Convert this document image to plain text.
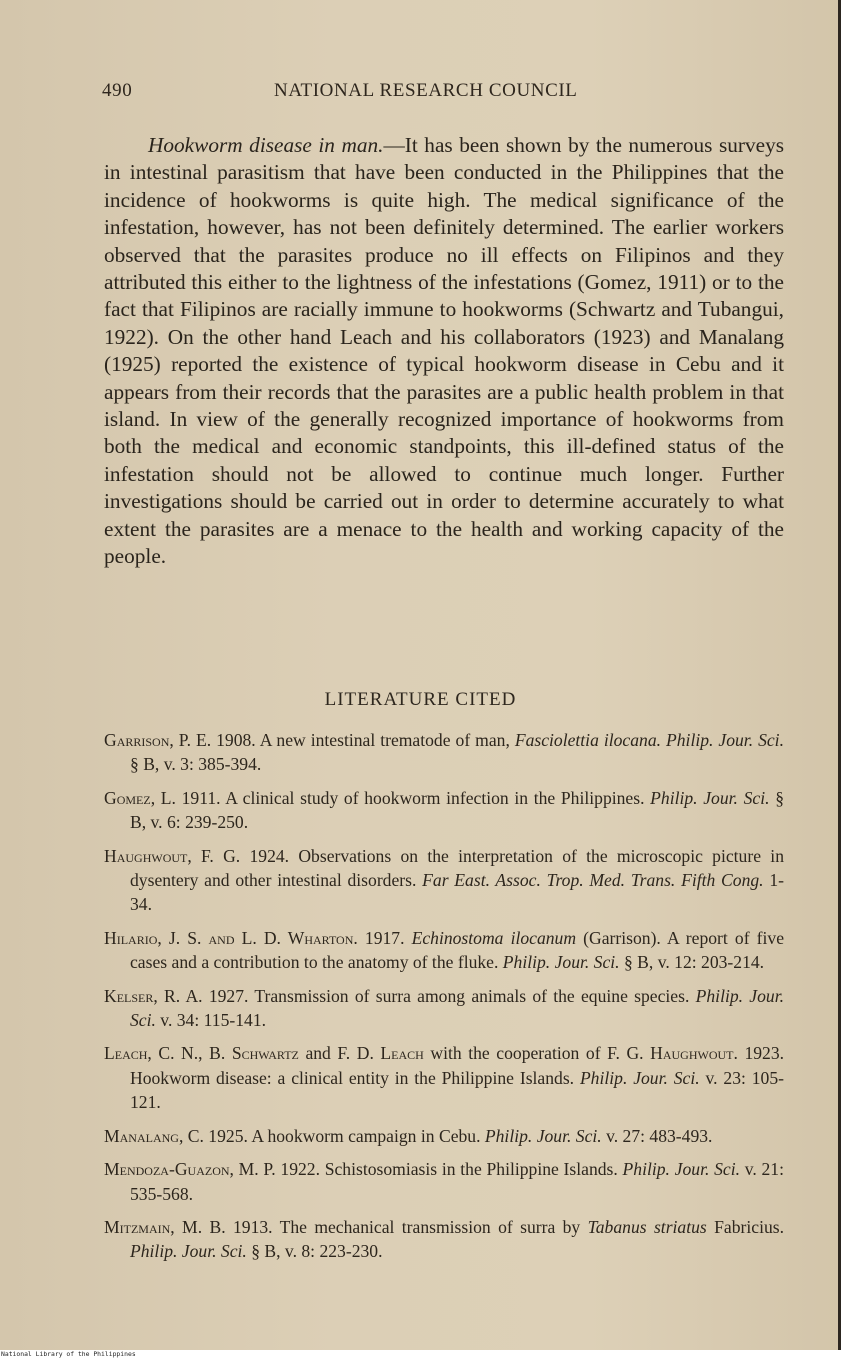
490	NATIONAL RESEARCH COUNCIL

Hookworm disease in man.—It has been shown by the numerous surveys in intestinal parasitism that have been conducted in the Philippines that the incidence of hookworms is quite high. The medical significance of the infestation, however, has not been definitely determined. The earlier workers observed that the parasites produce no ill effects on Filipinos and they attributed this either to the lightness of the infestations (Gomez, 1911) or to the fact that Filipinos are racially immune to hookworms (Schwartz and Tubangui, 1922). On the other hand Leach and his collaborators (1923) and Manalang (1925) reported the existence of typical hookworm disease in Cebu and it appears from their records that the parasites are a public health problem in that island. In view of the generally recognized importance of hookworms from both the medical and economic standpoints, this ill-defined status of the infestation should not be allowed to continue much longer. Further investigations should be carried out in order to determine accurately to what extent the parasites are a menace to the health and working capacity of the people.

LITERATURE CITED

Garrison, P. E. 1908. A new intestinal trematode of man, Fasciolettia ilocana. Philip. Jour. Sci. § B, v. 3: 385-394.

Gomez, L. 1911. A clinical study of hookworm infection in the Philippines. Philip. Jour. Sci. § B, v. 6: 239-250.

Haughwout, F. G. 1924. Observations on the interpretation of the microscopic picture in dysentery and other intestinal disorders. Far East. Assoc. Trop. Med. Trans. Fifth Cong. 1-34.

Hilario, J. S. and L. D. Wharton. 1917. Echinostoma ilocanum (Garrison). A report of five cases and a contribution to the anatomy of the fluke. Philip. Jour. Sci. § B, v. 12: 203-214.

Kelser, R. A. 1927. Transmission of surra among animals of the equine species. Philip. Jour. Sci. v. 34: 115-141.

Leach, C. N., B. Schwartz and F. D. Leach with the cooperation of F. G. Haughwout. 1923. Hookworm disease: a clinical entity in the Philippine Islands. Philip. Jour. Sci. v. 23: 105-121.

Manalang, C. 1925. A hookworm campaign in Cebu. Philip. Jour. Sci. v. 27: 483-493.

Mendoza-Guazon, M. P. 1922. Schistosomiasis in the Philippine Islands. Philip. Jour. Sci. v. 21: 535-568.

Mitzmain, M. B. 1913. The mechanical transmission of surra by Tabanus striatus Fabricius. Philip. Jour. Sci. § B, v. 8: 223-230.

National Library of the Philippines
